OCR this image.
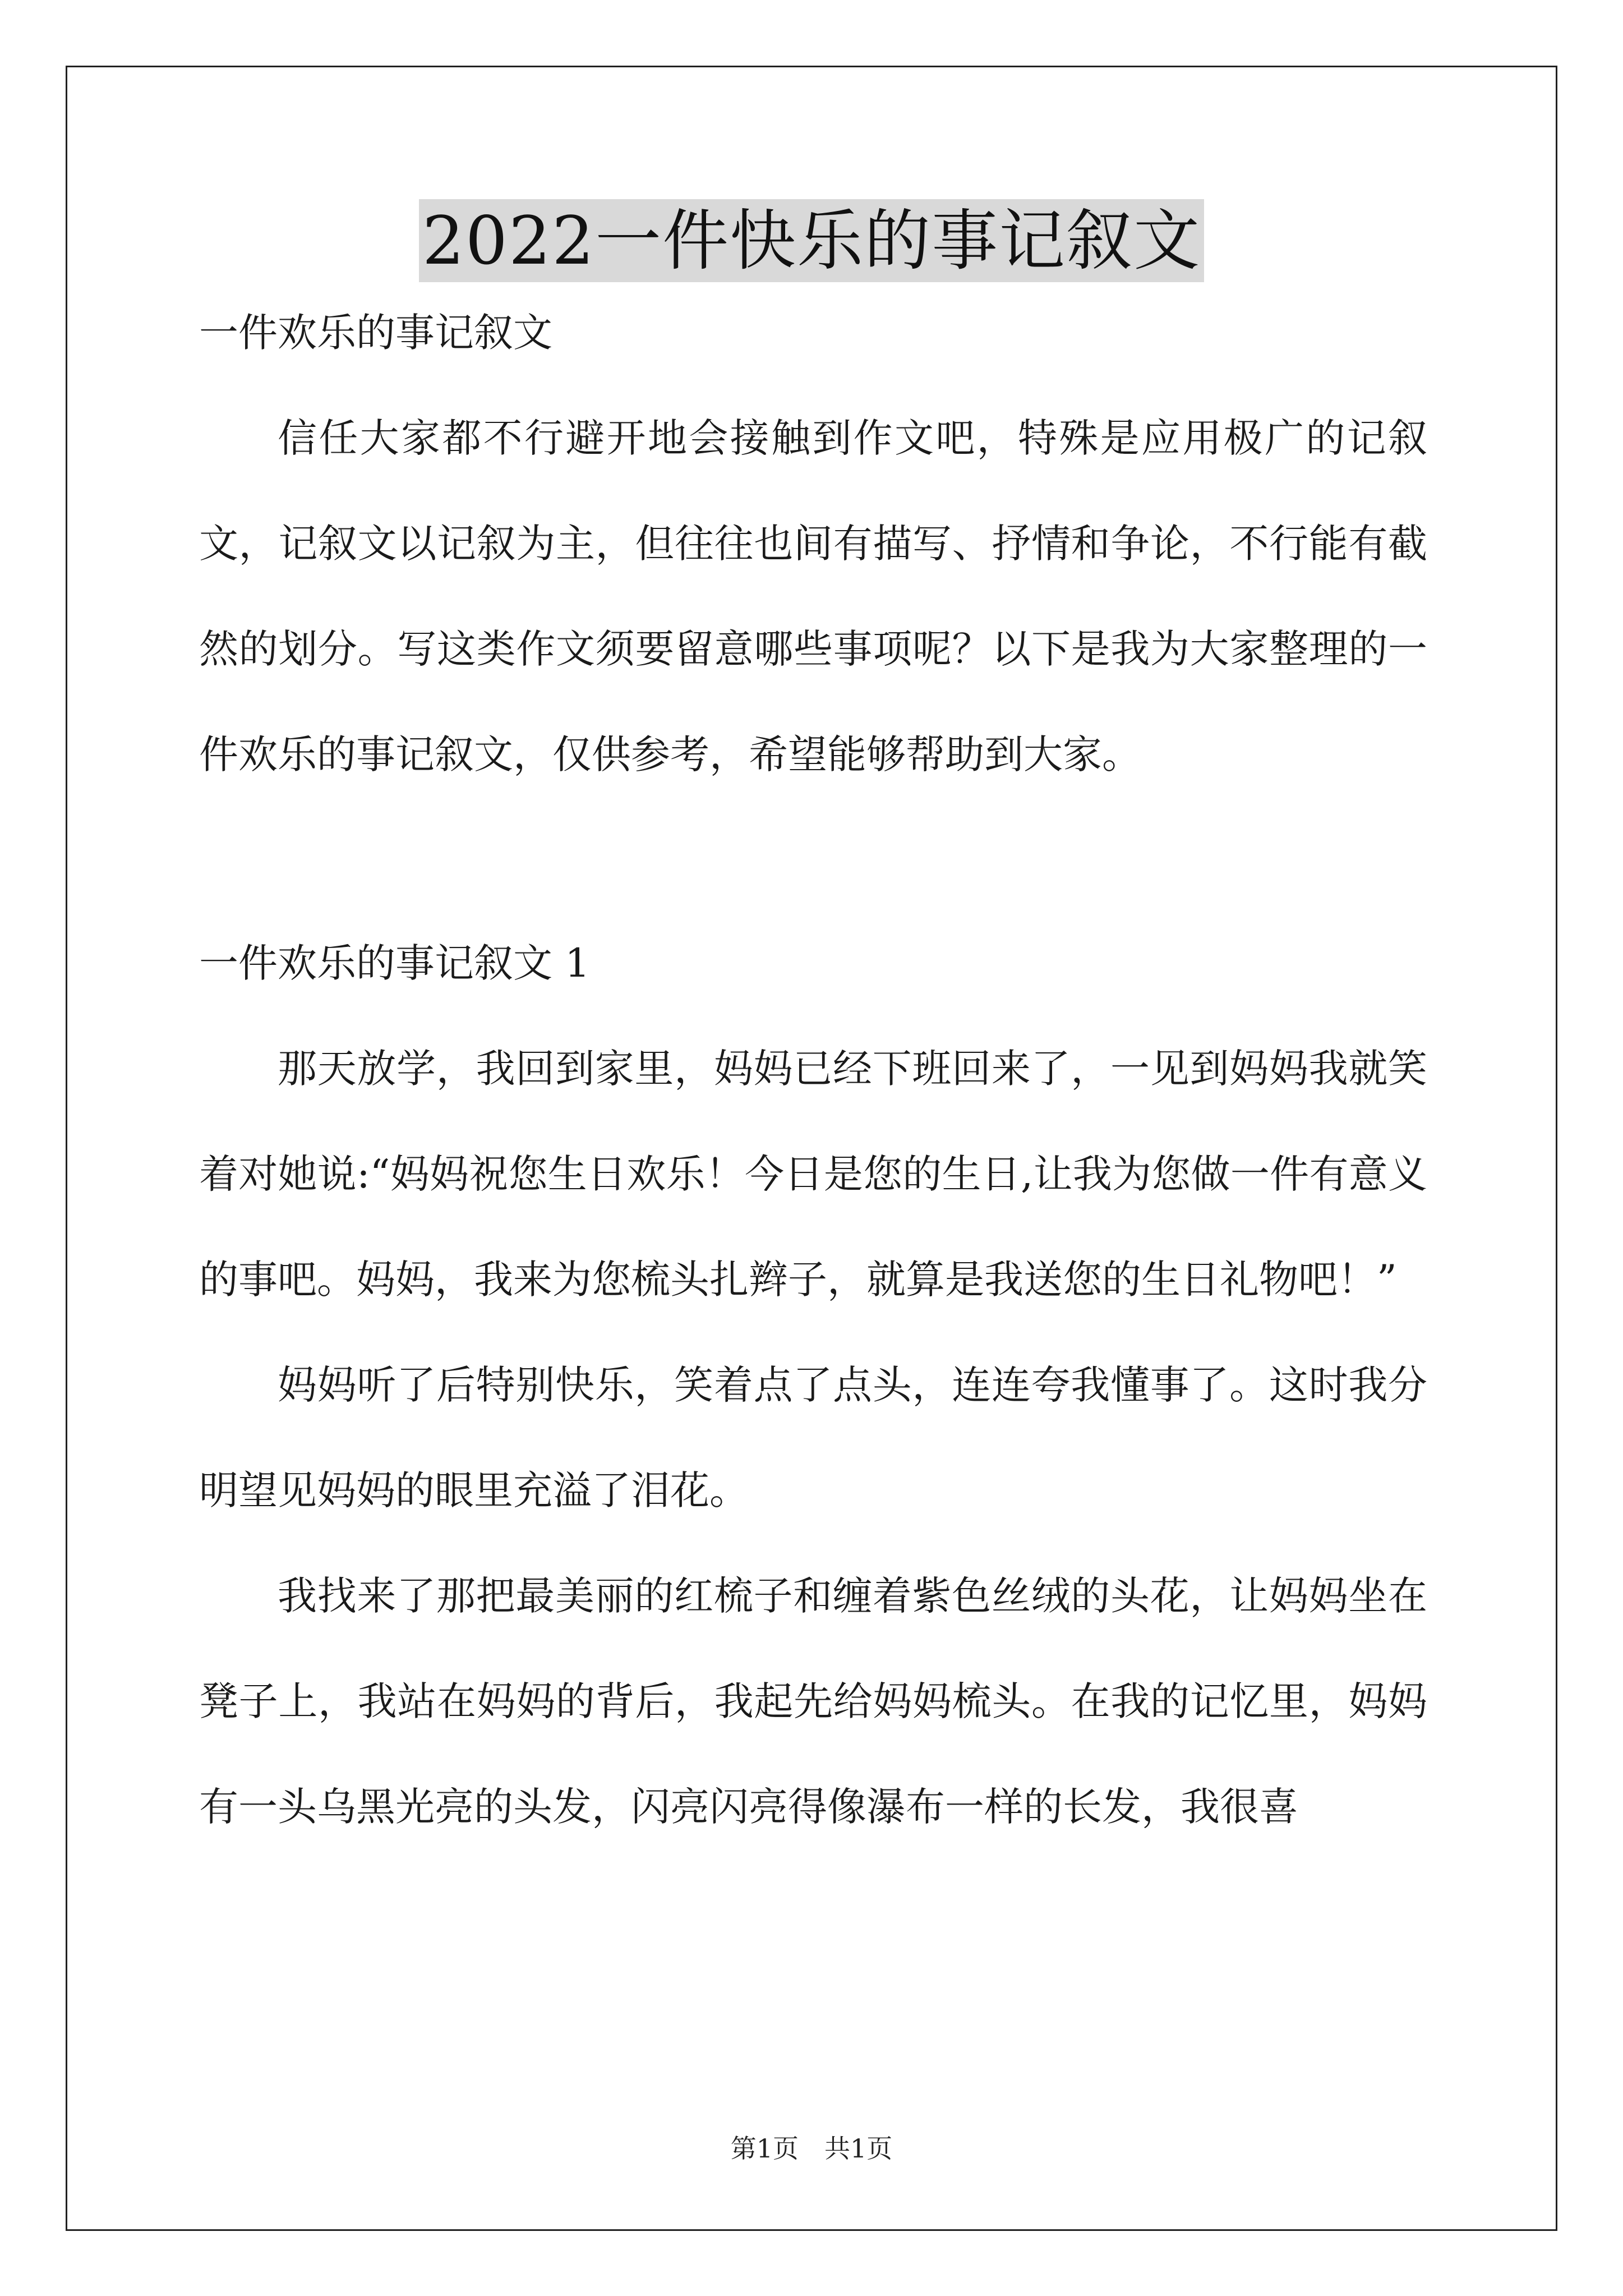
2022一件快乐的事记叙文

一件欢乐的事记叙文

信任大家都不行避开地会接触到作文吧，特殊是应用极广的记叙文，记叙文以记叙为主，但往往也间有描写、抒情和争论，不行能有截然的划分。写这类作文须要留意哪些事项呢？以下是我为大家整理的一件欢乐的事记叙文，仅供参考，希望能够帮助到大家。

一件欢乐的事记叙文 1

那天放学，我回到家里，妈妈已经下班回来了，一见到妈妈我就笑着对她说:“妈妈祝您生日欢乐！今日是您的生日,让我为您做一件有意义的事吧。妈妈，我来为您梳头扎辫子，就算是我送您的生日礼物吧！”

妈妈听了后特别快乐，笑着点了点头，连连夸我懂事了。这时我分明望见妈妈的眼里充溢了泪花。

我找来了那把最美丽的红梳子和缠着紫色丝绒的头花，让妈妈坐在凳子上，我站在妈妈的背后，我起先给妈妈梳头。在我的记忆里，妈妈有一头乌黑光亮的头发，闪亮闪亮得像瀑布一样的长发，我很喜

第1页 共1页
